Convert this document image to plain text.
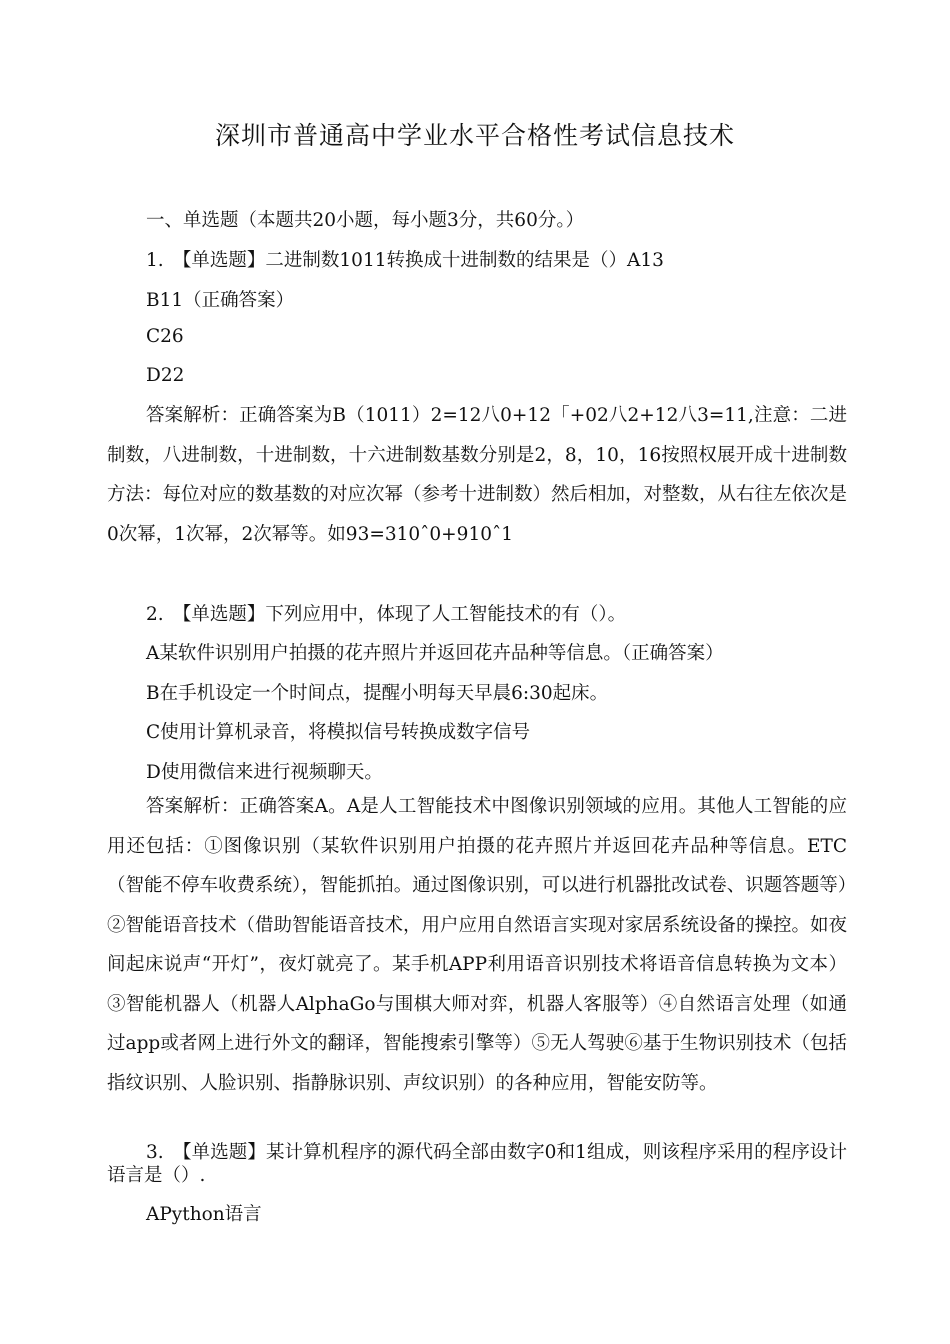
深圳市普通高中学业水平合格性考试信息技术
一、单选题（本题共20小题，每小题3分，共60分。）
1.　【单选题】二进制数1011转换成十进制数的结果是（）A13
B11（正确答案）
C26
D22
答案解析：正确答案为B（1011）2=12八0+12「+02八2+12八3=11,注意：二进制数，八进制数，十进制数，十六进制数基数分别是2，8，10，16按照权展开成十进制数方法：每位对应的数基数的对应次幂（参考十进制数）然后相加，对整数，从右往左依次是0次幂，1次幂，2次幂等。如93=310ˆ0+910ˆ1
2.　【单选题】下列应用中，体现了人工智能技术的有（）。
A某软件识别用户拍摄的花卉照片并返回花卉品种等信息。（正确答案）
B在手机设定一个时间点，提醒小明每天早晨6:30起床。
C使用计算机录音，将模拟信号转换成数字信号
D使用微信来进行视频聊天。
答案解析：正确答案A。A是人工智能技术中图像识别领域的应用。其他人工智能的应用还包括：①图像识别（某软件识别用户拍摄的花卉照片并返回花卉品种等信息。ETC（智能不停车收费系统），智能抓拍。通过图像识别，可以进行机器批改试卷、识题答题等）②智能语音技术（借助智能语音技术，用户应用自然语言实现对家居系统设备的操控。如夜间起床说声“开灯”，夜灯就亮了。某手机APP利用语音识别技术将语音信息转换为文本）③智能机器人（机器人AlphaGo与围棋大师对弈，机器人客服等）④自然语言处理（如通过app或者网上进行外文的翻译，智能搜索引擎等）⑤无人驾驶⑥基于生物识别技术（包括指纹识别、人脸识别、指静脉识别、声纹识别）的各种应用，智能安防等。
3.　【单选题】某计算机程序的源代码全部由数字0和1组成，则该程序采用的程序设计语言是（）.
APython语言
